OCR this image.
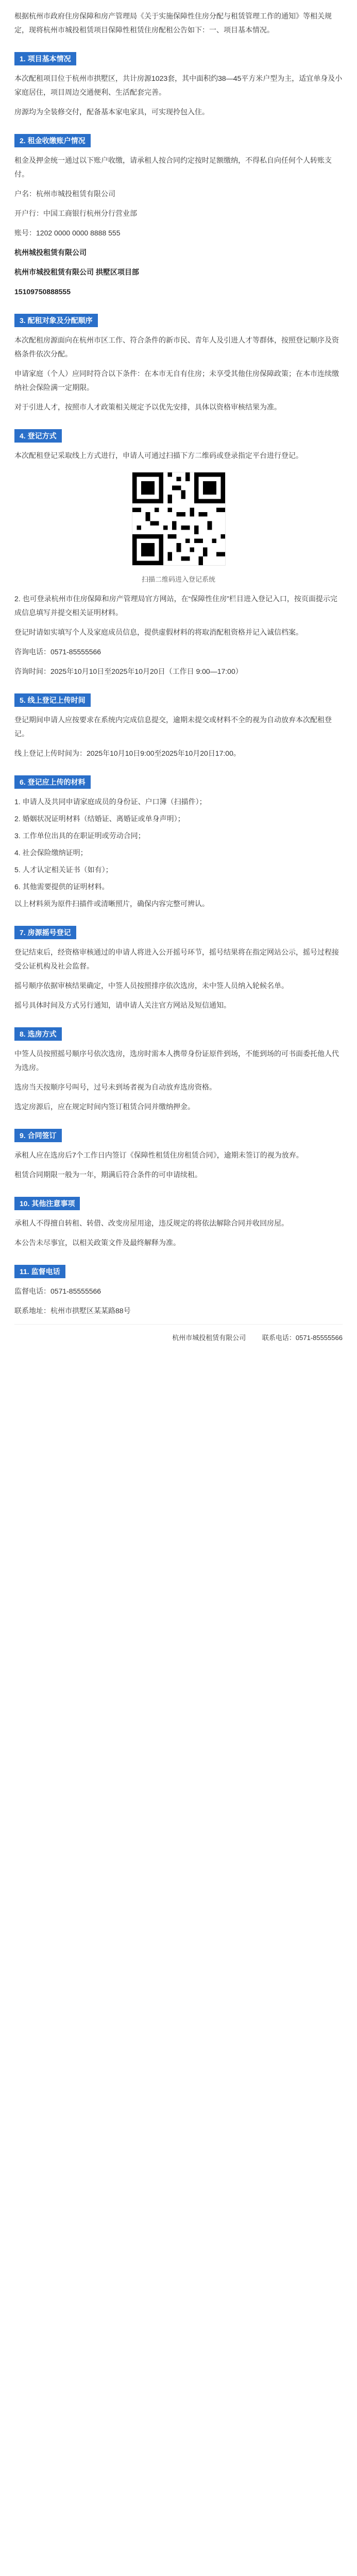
根据杭州市政府住房保障和房产管理局《关于实施保障性住房分配与租赁管理工作的通知》等相关规定，现将杭州市城投租赁项目保障性租赁住房配租公告如下：一、项目基本情况。

1. 项目基本情况

本次配租项目位于杭州市拱墅区，共计房源1023套，其中面积约38—45平方米户型为主，适宜单身及小家庭居住，项目周边交通便利、生活配套完善。

房源均为全装修交付，配备基本家电家具，可实现拎包入住。

2. 租金收缴账户情况

租金及押金统一通过以下账户收缴，请承租人按合同约定按时足额缴纳，不得私自向任何个人转账支付。

户名：杭州市城投租赁有限公司

开户行：中国工商银行杭州分行营业部

账号：1202 0000 0000 8888 555

杭州城投租赁有限公司

杭州市城投租赁有限公司 拱墅区项目部

15109750888555

3. 配租对象及分配顺序

本次配租房源面向在杭州市区工作、符合条件的新市民、青年人及引进人才等群体，按照登记顺序及资格条件依次分配。

申请家庭（个人）应同时符合以下条件：在本市无自有住房；未享受其他住房保障政策；在本市连续缴纳社会保险满一定期限。

对于引进人才，按照市人才政策相关规定予以优先安排，具体以资格审核结果为准。

4. 登记方式

本次配租登记采取线上方式进行，申请人可通过扫描下方二维码或登录指定平台进行登记。

扫描二维码进入登记系统

2. 也可登录杭州市住房保障和房产管理局官方网站，在“保障性住房”栏目进入登记入口，按页面提示完成信息填写并提交相关证明材料。

登记时请如实填写个人及家庭成员信息，提供虚假材料的将取消配租资格并记入诚信档案。

咨询电话：0571-85555566

咨询时间：2025年10月10日至2025年10月20日（工作日 9:00—17:00）

5. 线上登记上传时间

登记期间申请人应按要求在系统内完成信息提交，逾期未提交或材料不全的视为自动放弃本次配租登记。

线上登记上传时间为：2025年10月10日9:00至2025年10月20日17:00。

6. 登记应上传的材料

1. 申请人及共同申请家庭成员的身份证、户口簿（扫描件）；

2. 婚姻状况证明材料（结婚证、离婚证或单身声明）；

3. 工作单位出具的在职证明或劳动合同；

4. 社会保险缴纳证明；

5. 人才认定相关证书（如有）；

6. 其他需要提供的证明材料。

以上材料须为原件扫描件或清晰照片，确保内容完整可辨认。

7. 房源摇号登记

登记结束后，经资格审核通过的申请人将进入公开摇号环节，摇号结果将在指定网站公示，摇号过程接受公证机构及社会监督。

摇号顺序依据审核结果确定，中签人员按照排序依次选房，未中签人员纳入轮候名单。

摇号具体时间及方式另行通知，请申请人关注官方网站及短信通知。

8. 选房方式

中签人员按照摇号顺序号依次选房，选房时需本人携带身份证原件到场，不能到场的可书面委托他人代为选房。

选房当天按顺序号叫号，过号未到场者视为自动放弃选房资格。

选定房源后，应在规定时间内签订租赁合同并缴纳押金。

9. 合同签订

承租人应在选房后7个工作日内签订《保障性租赁住房租赁合同》，逾期未签订的视为放弃。

租赁合同期限一般为一年，期满后符合条件的可申请续租。

10. 其他注意事项

承租人不得擅自转租、转借、改变房屋用途，违反规定的将依法解除合同并收回房屋。

本公告未尽事宜，以相关政策文件及最终解释为准。

11. 监督电话

监督电话：0571-85555566

联系地址：杭州市拱墅区某某路88号

杭州市城投租赁有限公司 联系电话：0571-85555566
